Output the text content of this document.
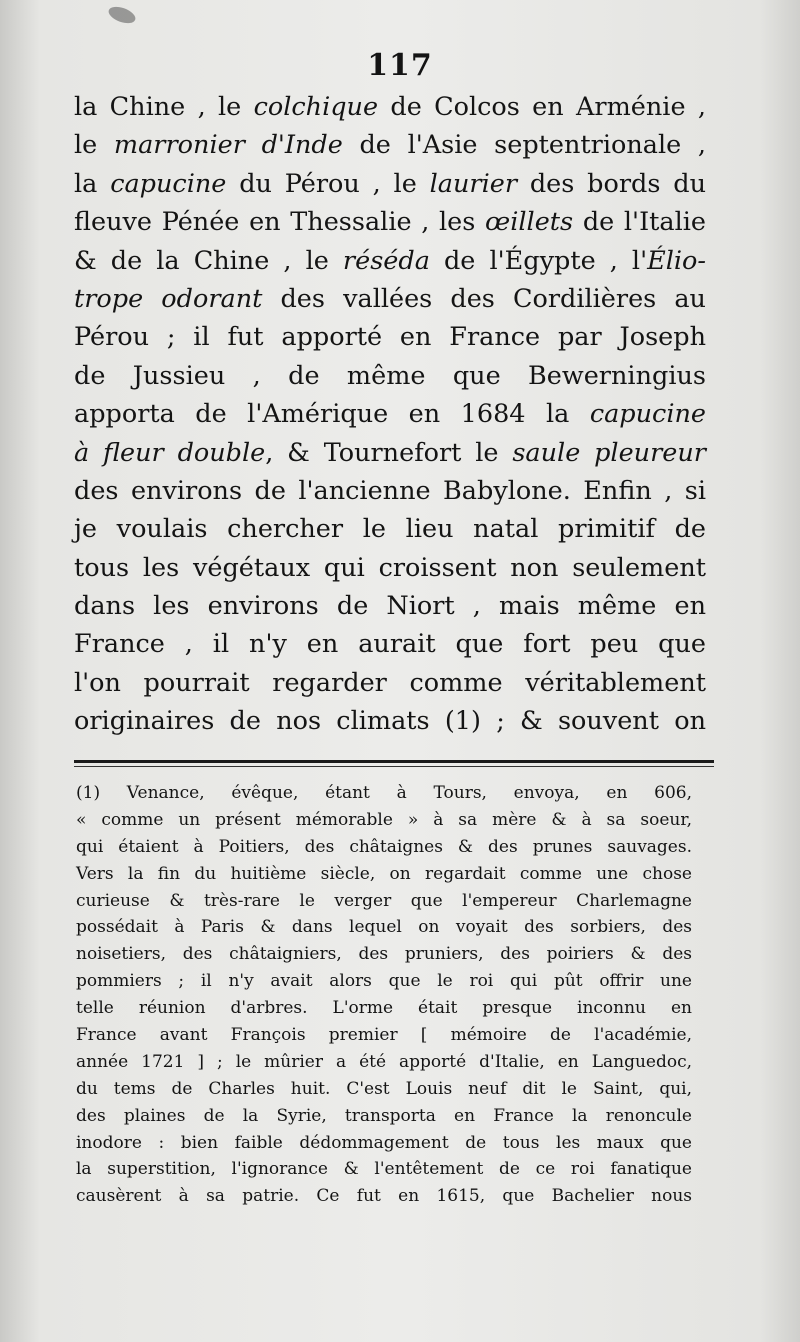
117
la Chine , le colchique de Colcos en Arménie ,
le marronier d'Inde de l'Asie septentrionale ,
la capucine du Pérou , le laurier des bords du
fleuve Pénée en Thessalie , les œillets de l'Italie
& de la Chine , le réséda de l'Égypte , l'Élio-
trope odorant des vallées des Cordilières au
Pérou ; il fut apporté en France par Joseph
de Jussieu , de même que Bewerningius
apporta de l'Amérique en 1684 la capucine
à fleur double, & Tournefort le saule pleureur
des environs de l'ancienne Babylone. Enfin , si
je voulais chercher le lieu natal primitif de
tous les végétaux qui croissent non seulement
dans les environs de Niort , mais même en
France , il n'y en aurait que fort peu que
l'on pourrait regarder comme véritablement
originaires de nos climats (1) ; & souvent on
(1) Venance, évêque, étant à Tours, envoya, en 606,
« comme un présent mémorable » à sa mère & à sa soeur,
qui étaient à Poitiers, des châtaignes & des prunes sauvages.
Vers la fin du huitième siècle, on regardait comme une chose
curieuse & très-rare le verger que l'empereur Charlemagne
possédait à Paris & dans lequel on voyait des sorbiers, des
noisetiers, des châtaigniers, des pruniers, des poiriers & des
pommiers ; il n'y avait alors que le roi qui pût offrir une
telle réunion d'arbres. L'orme était presque inconnu en
France avant François premier [ mémoire de l'académie,
année 1721 ] ; le mûrier a été apporté d'Italie, en Languedoc,
du tems de Charles huit. C'est Louis neuf dit le Saint, qui,
des plaines de la Syrie, transporta en France la renoncule
inodore : bien faible dédommagement de tous les maux que
la superstition, l'ignorance & l'entêtement de ce roi fanatique
causèrent à sa patrie. Ce fut en 1615, que Bachelier nous
